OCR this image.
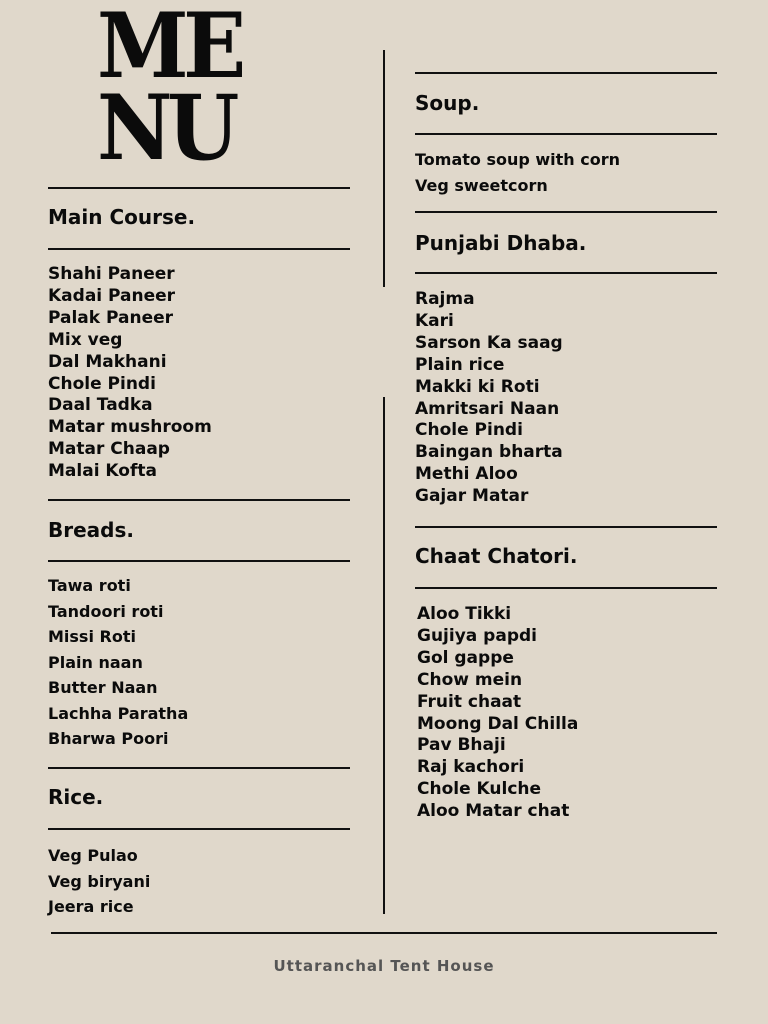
ME
NU
Main Course.
Shahi Paneer
Kadai Paneer
Palak Paneer
Mix veg
Dal Makhani
Chole Pindi
Daal Tadka
Matar mushroom
Matar Chaap
Malai Kofta
Breads.
Tawa roti
Tandoori roti
Missi Roti
Plain naan
Butter Naan
Lachha Paratha
Bharwa Poori
Rice.
Veg Pulao
Veg biryani
Jeera rice
Soup.
Tomato soup with corn
Veg sweetcorn
Punjabi Dhaba.
Rajma
Kari
Sarson Ka saag
Plain rice
Makki ki Roti
Amritsari Naan
Chole Pindi
Baingan bharta
Methi Aloo
Gajar Matar
Chaat Chatori.
Aloo Tikki
Gujiya papdi
Gol gappe
Chow mein
Fruit chaat
Moong Dal Chilla
Pav Bhaji
Raj kachori
Chole Kulche
Aloo Matar chat
Uttaranchal Tent House
